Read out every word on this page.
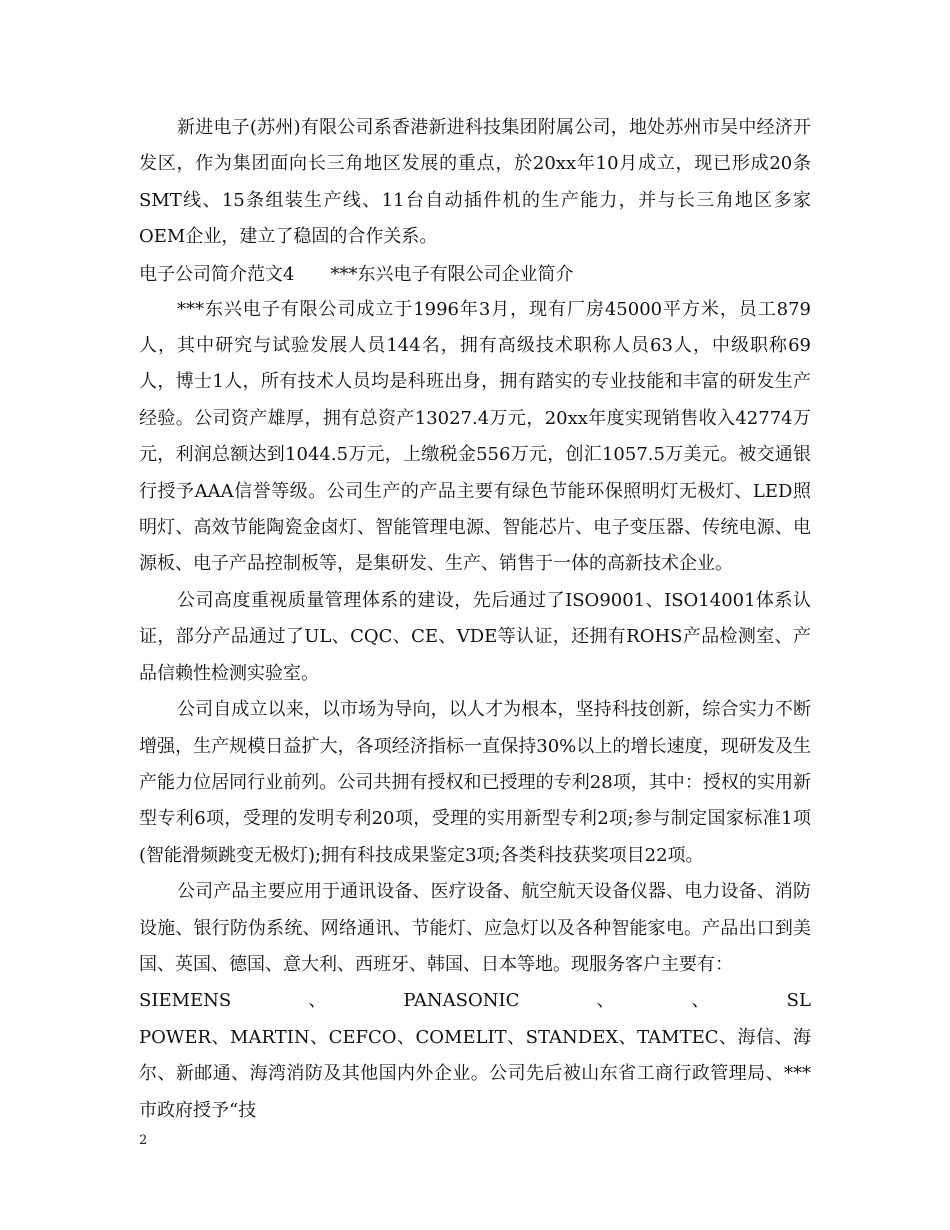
新进电子(苏州)有限公司系香港新进科技集团附属公司，地处苏州市吴中经济开发区，作为集团面向长三角地区发展的重点，於20xx年10月成立，现已形成20条SMT线、15条组装生产线、11台自动插件机的生产能力，并与长三角地区多家OEM企业，建立了稳固的合作关系。

电子公司简介范文4　　***东兴电子有限公司企业简介

***东兴电子有限公司成立于1996年3月，现有厂房45000平方米，员工879人，其中研究与试验发展人员144名，拥有高级技术职称人员63人，中级职称69人，博士1人，所有技术人员均是科班出身，拥有踏实的专业技能和丰富的研发生产经验。公司资产雄厚，拥有总资产13027.4万元，20xx年度实现销售收入42774万元，利润总额达到1044.5万元，上缴税金556万元，创汇1057.5万美元。被交通银行授予AAA信誉等级。公司生产的产品主要有绿色节能环保照明灯无极灯、LED照明灯、高效节能陶瓷金卤灯、智能管理电源、智能芯片、电子变压器、传统电源、电源板、电子产品控制板等，是集研发、生产、销售于一体的高新技术企业。

公司高度重视质量管理体系的建设，先后通过了ISO9001、ISO14001体系认证，部分产品通过了UL、CQC、CE、VDE等认证，还拥有ROHS产品检测室、产品信赖性检测实验室。

公司自成立以来，以市场为导向，以人才为根本，坚持科技创新，综合实力不断增强，生产规模日益扩大，各项经济指标一直保持30%以上的增长速度，现研发及生产能力位居同行业前列。公司共拥有授权和已授理的专利28项，其中：授权的实用新型专利6项，受理的发明专利20项，受理的实用新型专利2项;参与制定国家标准1项(智能滑频跳变无极灯);拥有科技成果鉴定3项;各类科技获奖项目22项。

公司产品主要应用于通讯设备、医疗设备、航空航天设备仪器、电力设备、消防设施、银行防伪系统、网络通讯、节能灯、应急灯以及各种智能家电。产品出口到美国、英国、德国、意大利、西班牙、韩国、日本等地。现服务客户主要有：

SIEMENS	、	PANASONIC	、	、	SL

POWER、MARTIN、CEFCO、COMELIT、STANDEX、TAMTEC、海信、海尔、新邮通、海湾消防及其他国内外企业。公司先后被山东省工商行政管理局、***市政府授予“技

2
